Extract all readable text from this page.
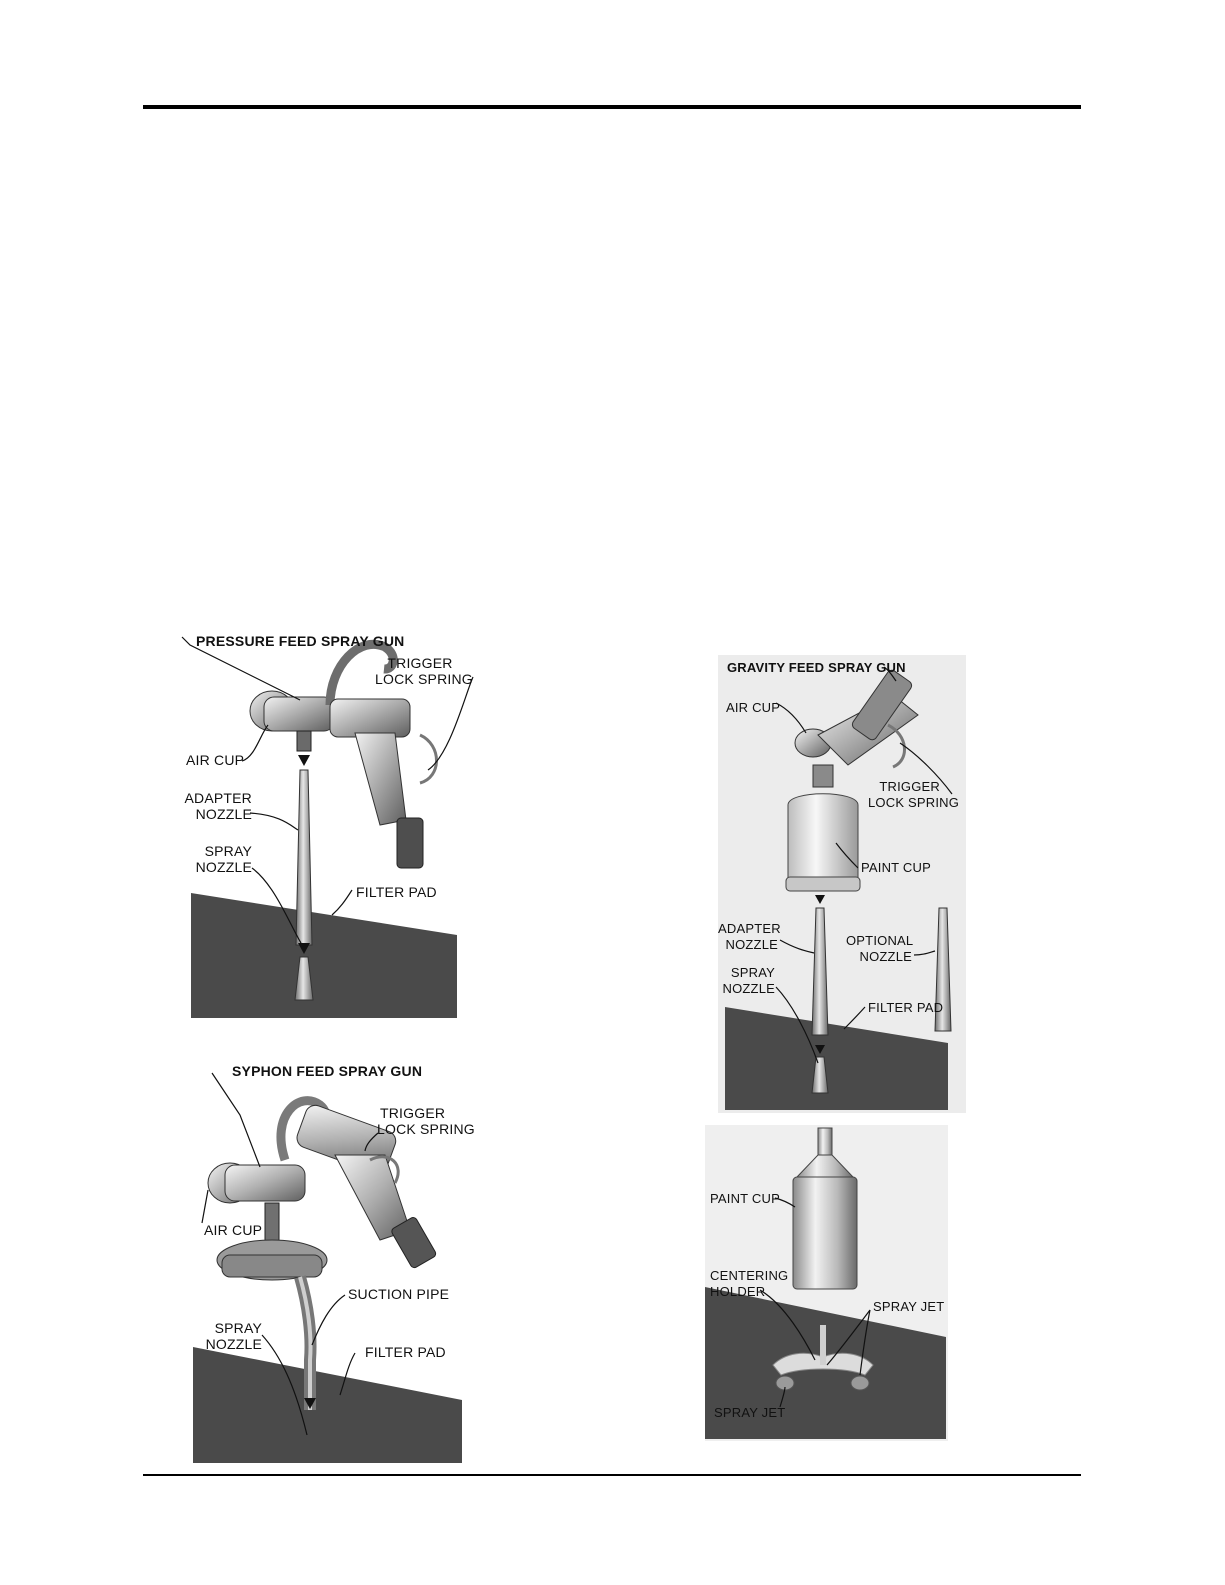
PRESSURE FEED SPRAY GUN
TRIGGER
LOCK SPRING
AIR CUP
ADAPTER
NOZZLE
SPRAY
NOZZLE
FILTER PAD
SYPHON FEED SPRAY GUN
TRIGGER
LOCK SPRING
AIR CUP
SUCTION PIPE
SPRAY
NOZZLE	FILTER PAD
GRAVITY FEED SPRAY GUN
AIR CUP
TRIGGER
LOCK SPRING
PAINT CUP
ADAPTER
NOZZLE	OPTIONAL
NOZZLE
SPRAY
NOZZLE
FILTER PAD
PAINT CUP
CENTERING
HOLDER
SPRAY JET
SPRAY JET
